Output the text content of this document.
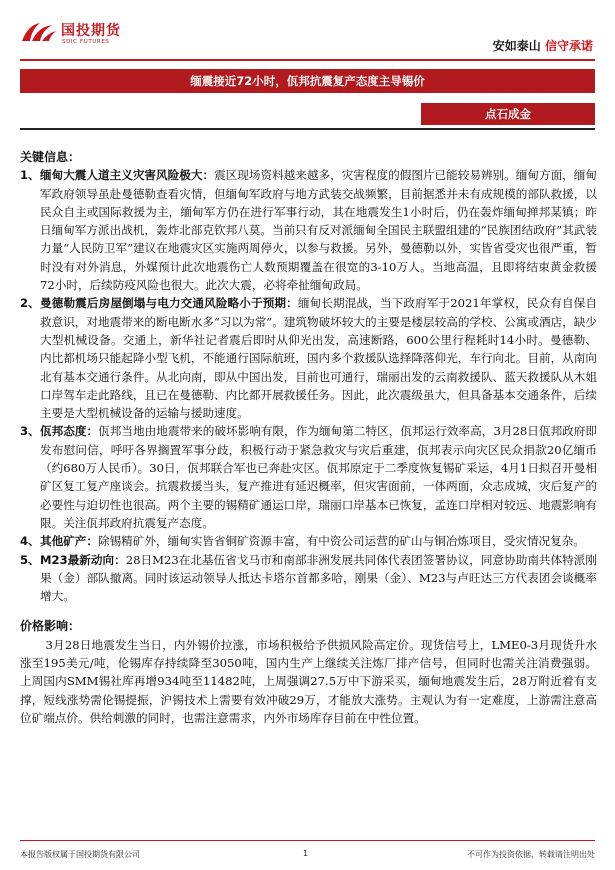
国投期货
SDIC FUTURES	安如泰山 信守承诺
缅震接近72小时，佤邦抗震复产态度主导锡价
点石成金
关键信息：
1、 缅甸大震人道主义灾害风险极大：震区现场资料越来越多，灾害程度的假图片已能较易辨别。缅甸方面，缅甸军政府领导虽赴曼德勒查看灾情，但缅甸军政府与地方武装交战频繁，目前据悉并未有成规模的部队救援，以民众自主或国际救援为主，缅甸军方仍在进行军事行动，其在地震发生1小时后，仍在轰炸缅甸掸邦某镇；昨日缅甸军方派出战机，轰炸北部克钦邦八莫。当前只有反对派缅甸全国民主联盟组建的“民族团结政府”其武装力量“人民防卫军”建议在地震灾区实施两周停火，以参与救援。另外，曼德勒以外，实皆省受灾也很严重，暂时没有对外消息，外媒预计此次地震伤亡人数预期覆盖在很宽的3-10万人。当地高温，且即将结束黄金救援72小时，后续防疫风险也很大。此次大震，必将牵扯缅甸政局。
2、 曼德勒震后房屋倒塌与电力交通风险略小于预期：缅甸长期混战，当下政府军于2021年掌权，民众有自保自救意识，对地震带来的断电断水多“习以为常”。建筑物破坏较大的主要是楼层较高的学校、公寓或酒店，缺少大型机械设备。交通上，新华社记者震后即时从仰光出发，高速断路，600公里行程耗时14小时。曼德勒、内比都机场只能起降小型飞机，不能通行国际航班，国内多个救援队选择降落仰光，车行向北。目前，从南向北有基本交通行条件。从北向南，即从中国出发，目前也可通行，瑞丽出发的云南救援队、蓝天救援队从木姐口岸驾车走此路线，且已在曼德勒、内比都开展救援任务。因此，此次震级虽大，但具备基本交通条件，后续主要是大型机械设备的运输与援助速度。
3、 佤邦态度：佤邦当地由地震带来的破坏影响有限，作为缅甸第二特区，佤邦运行效率高，3月28日佤邦政府即发布慰问信，呼吁各界搁置军事分歧，积极行动于紧急救灾与灾后重建，佤邦表示向灾区民众捐款20亿缅币（约680万人民币）。30日，佤邦联合军也已奔赴灾区。佤邦原定于二季度恢复锡矿采运，4月1日拟召开曼相矿区复工复产座谈会。抗震救援当头，复产推进有延迟概率，但灾害面前，一体两面，众志成城，灾后复产的必要性与迫切性也很高。两个主要的锡精矿通运口岸，瑞丽口岸基本已恢复，孟连口岸相对较远、地震影响有限。关注佤邦政府抗震复产态度。
4、 其他矿产：除锡精矿外，缅甸实皆省铜矿资源丰富，有中资公司运营的矿山与铜冶炼项目，受灾情况复杂。
5、 M23最新动向：28日M23在北基伍省戈马市和南部非洲发展共同体代表团签署协议，同意协助南共体特派刚果（金）部队撤离。同时该运动领导人抵达卡塔尔首都多哈，刚果（金）、M23与卢旺达三方代表团会谈概率增大。
价格影响：
3月28日地震发生当日，内外锡价拉涨，市场积极给予供损风险高定价。现货信号上，LME0-3月现货升水涨至195美元/吨，伦锡库存持续降至3050吨，国内生产上继续关注炼厂排产信号，但同时也需关注消费强弱。上周国内SMM锡社库再增934吨至11482吨，上周强调27.5万中下游采买，缅甸地震发生后，28万附近着有支撑，短线涨势需伦锡提振，沪锡技术上需要有效冲破29万，才能放大涨势。主观认为有一定难度，上游需注意高位矿端点价。供给刺激的同时，也需注意需求，内外市场库存目前在中性位置。
本报告版权属于国投期货有限公司	1	不可作为投资依据，转载请注明出处
